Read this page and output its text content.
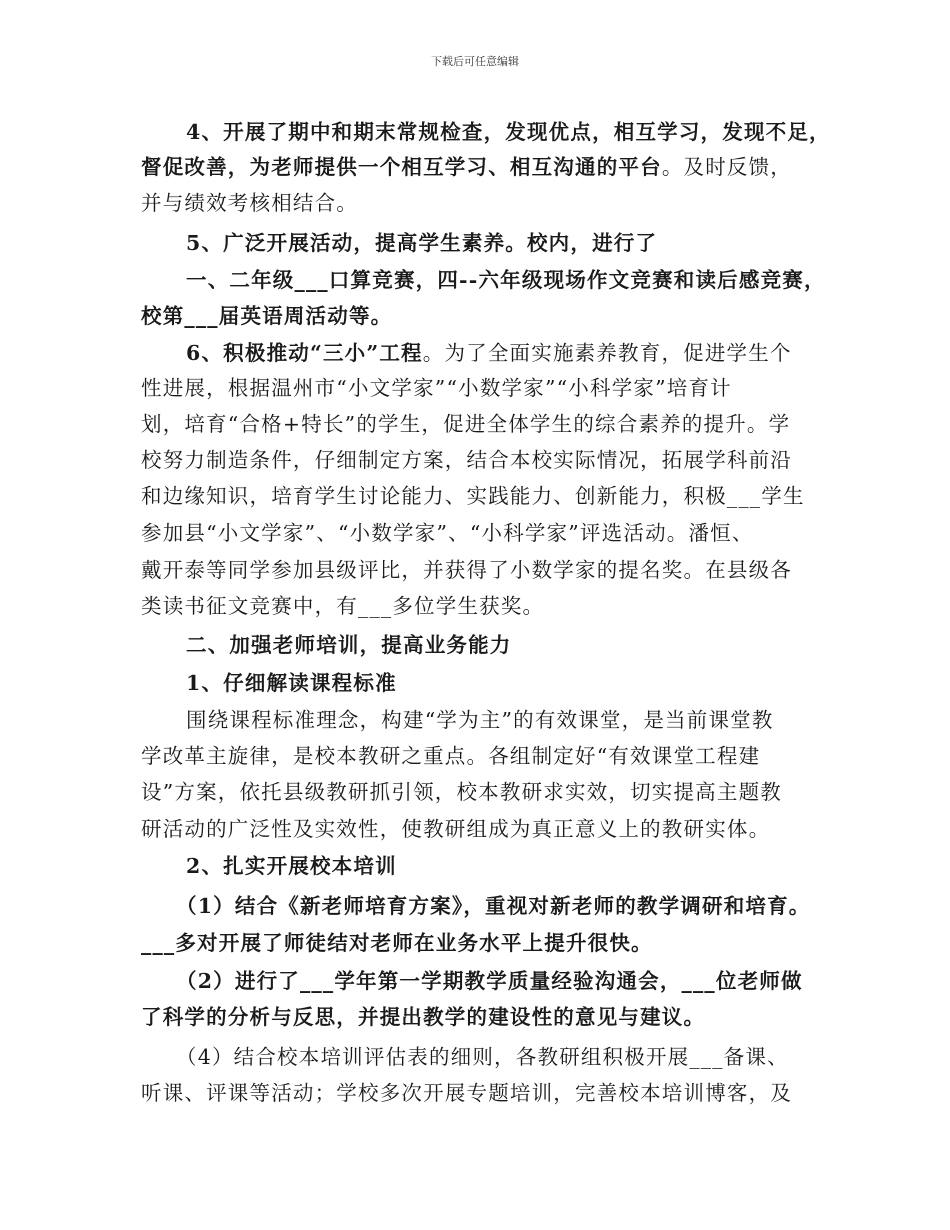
下载后可任意编辑
4、开展了期中和期末常规检查，发现优点，相互学习，发现不足，
督促改善，为老师提供一个相互学习、相互沟通的平台。及时反馈，
并与绩效考核相结合。
5、广泛开展活动，提高学生素养。校内，进行了
一、二年级___口算竞赛，四--六年级现场作文竞赛和读后感竞赛，
校第___届英语周活动等。
6、积极推动“三小”工程。为了全面实施素养教育，促进学生个
性进展，根据温州市“小文学家”“小数学家”“小科学家”培育计
划，培育“合格+特长”的学生，促进全体学生的综合素养的提升。学
校努力制造条件，仔细制定方案，结合本校实际情况，拓展学科前沿
和边缘知识，培育学生讨论能力、实践能力、创新能力，积极___学生
参加县“小文学家”、“小数学家”、“小科学家”评选活动。潘恒、
戴开泰等同学参加县级评比，并获得了小数学家的提名奖。在县级各
类读书征文竞赛中，有___多位学生获奖。
二、加强老师培训，提高业务能力
1、仔细解读课程标准
围绕课程标准理念，构建“学为主”的有效课堂，是当前课堂教
学改革主旋律，是校本教研之重点。各组制定好“有效课堂工程建
设”方案，依托县级教研抓引领，校本教研求实效，切实提高主题教
研活动的广泛性及实效性，使教研组成为真正意义上的教研实体。
2、扎实开展校本培训
（1）结合《新老师培育方案》，重视对新老师的教学调研和培育。
___多对开展了师徒结对老师在业务水平上提升很快。
（2）进行了___学年第一学期教学质量经验沟通会，___位老师做
了科学的分析与反思，并提出教学的建设性的意见与建议。
（4）结合校本培训评估表的细则，各教研组积极开展___备课、
听课、评课等活动；学校多次开展专题培训，完善校本培训博客，及
